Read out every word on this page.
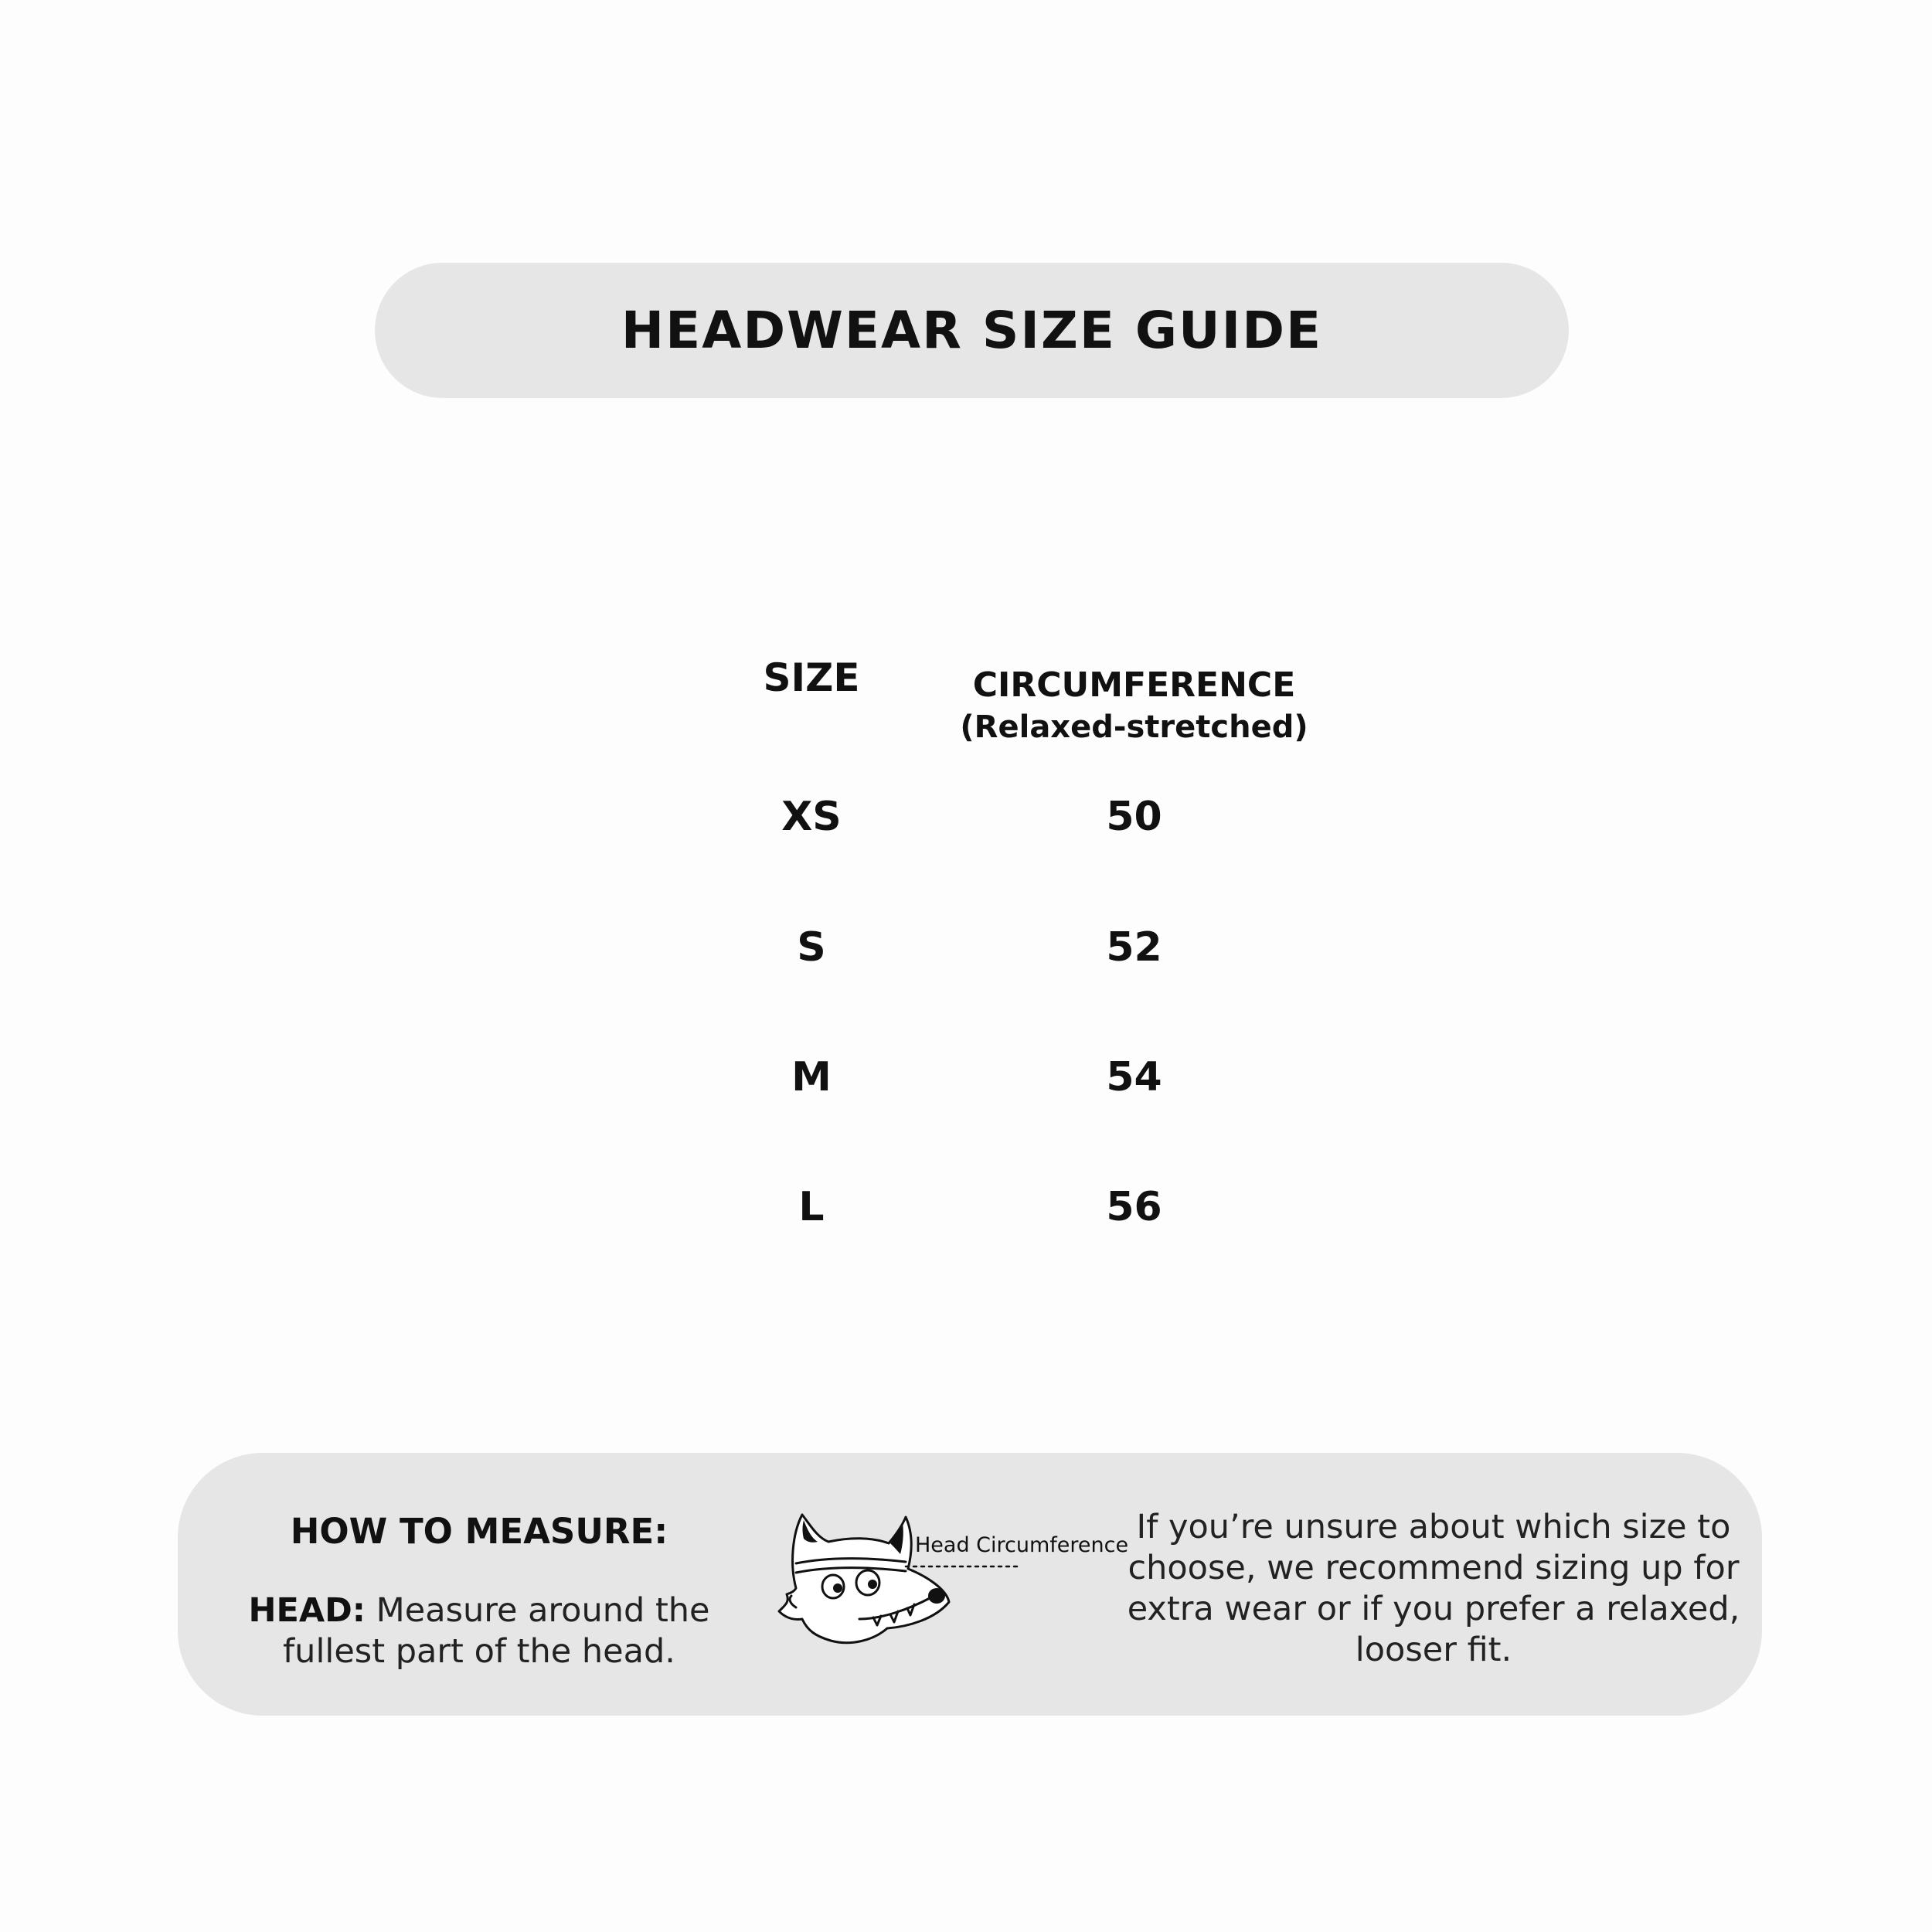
HEADWEAR SIZE GUIDE
SIZE	CIRCUMFERENCE
(Relaxed-stretched)
XS	50
S	52
M	54
L	56
HOW TO MEASURE:
HEAD: Measure around the fullest part of the head.
Head Circumference If you’re unsure about which size to choose, we recommend sizing up for extra wear or if you prefer a relaxed, looser fit.
